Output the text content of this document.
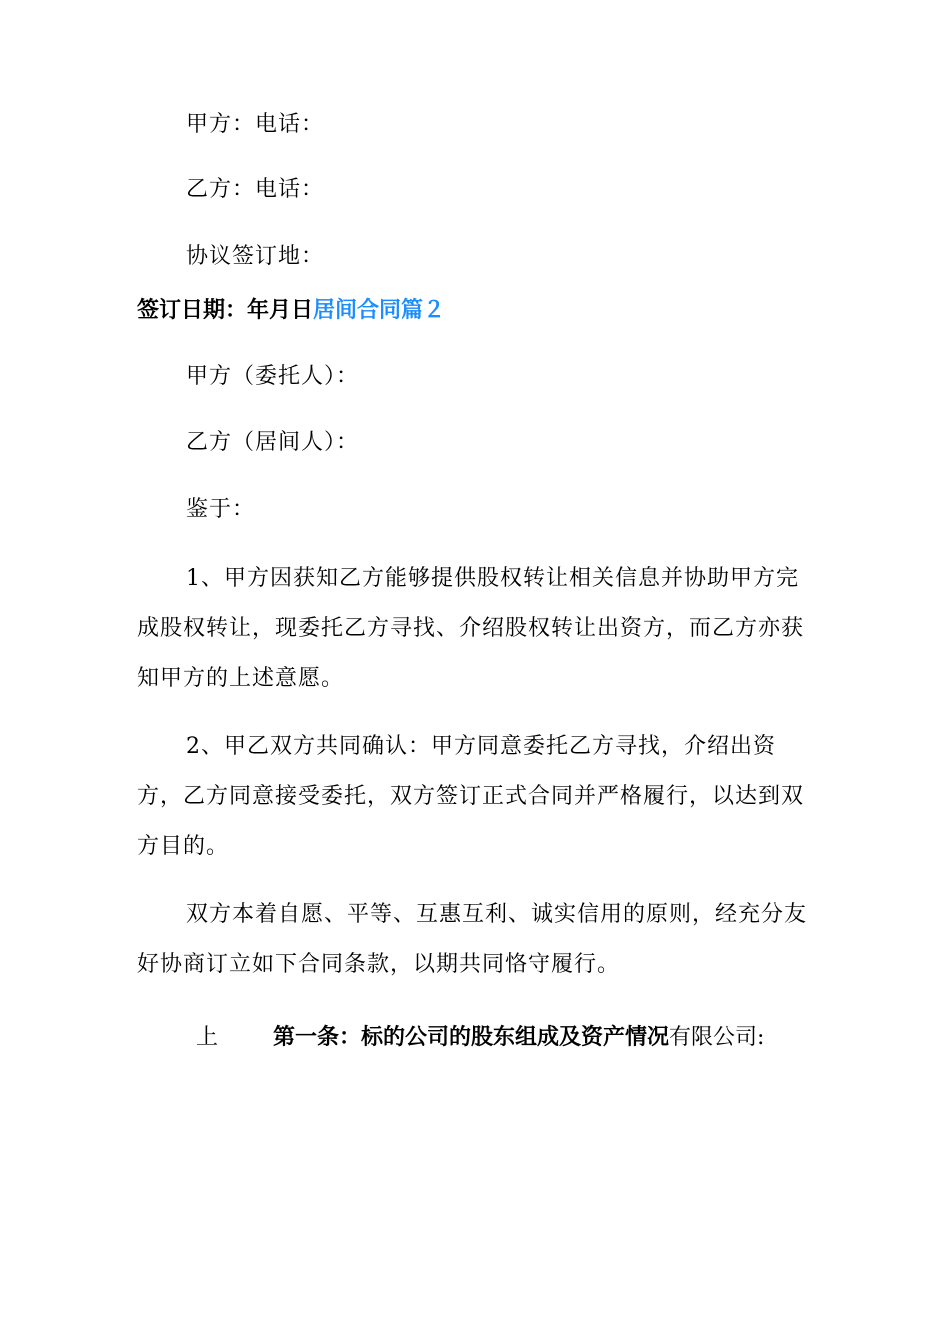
甲方：电话：
乙方：电话：
协议签订地：
签订日期：年月日居间合同篇２
甲方（委托人）：
乙方（居间人）：
鉴于：
1、甲方因获知乙方能够提供股权转让相关信息并协助甲方完
成股权转让，现委托乙方寻找、介绍股权转让出资方，而乙方亦获
知甲方的上述意愿。
2、甲乙双方共同确认：甲方同意委托乙方寻找，介绍出资
方，乙方同意接受委托，双方签订正式合同并严格履行，以达到双
方目的。
双方本着自愿、平等、互惠互利、诚实信用的原则，经充分友
好协商订立如下合同条款，以期共同恪守履行。
上 第一条：标的公司的股东组成及资产情况有限公司:
